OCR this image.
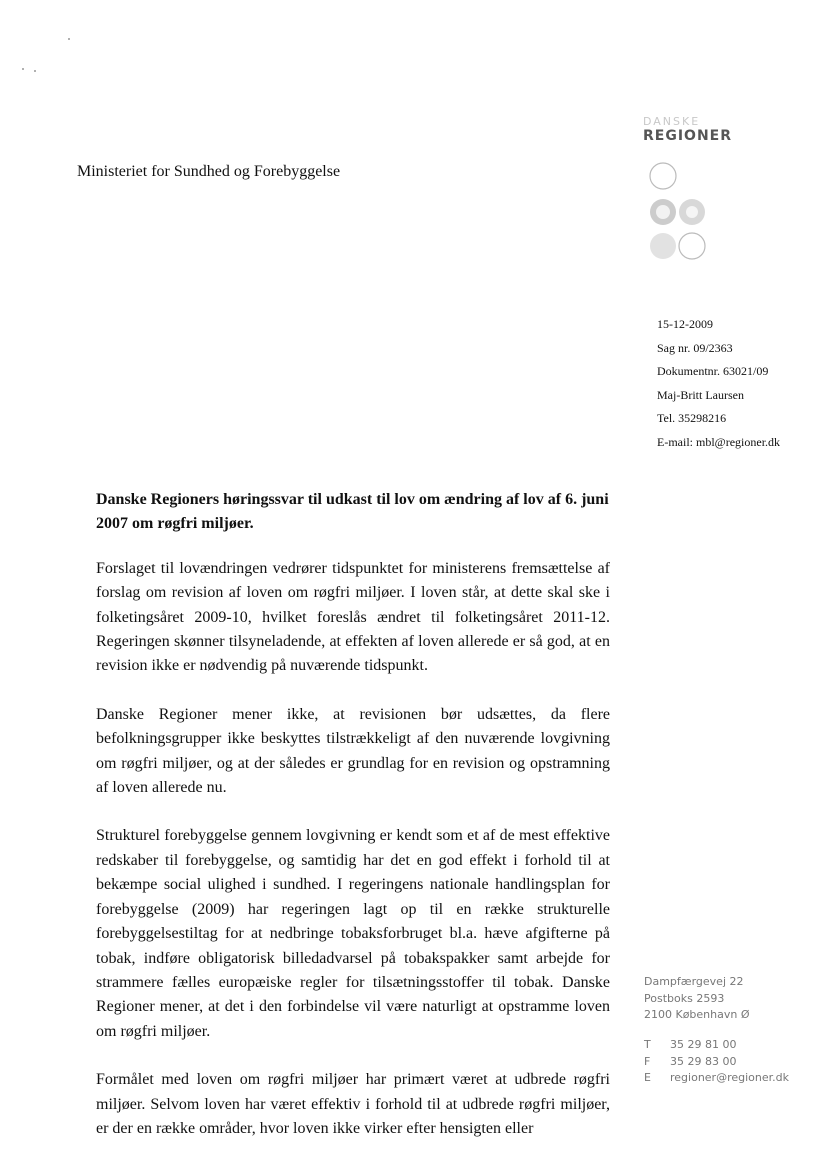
Ministeriet for Sundhed og Forebyggelse
DANSKE
REGIONER
15-12-2009
Sag nr. 09/2363
Dokumentnr. 63021/09
Maj-Britt Laursen
Tel. 35298216
E-mail: mbl@regioner.dk
Danske Regioners høringssvar til udkast til lov om ændring af lov af 6. juni 2007 om røgfri miljøer.

Forslaget til lovændringen vedrører tidspunktet for ministerens fremsættelse af forslag om revision af loven om røgfri miljøer. I loven står, at dette skal ske i folketingsåret 2009-10, hvilket foreslås ændret til folketingsåret 2011-12. Regeringen skønner tilsyneladende, at effekten af loven allerede er så god, at en revision ikke er nødvendig på nuværende tidspunkt.

Danske Regioner mener ikke, at revisionen bør udsættes, da flere befolkningsgrupper ikke beskyttes tilstrækkeligt af den nuværende lovgivning om røgfri miljøer, og at der således er grundlag for en revision og opstramning af loven allerede nu.

Strukturel forebyggelse gennem lovgivning er kendt som et af de mest effektive redskaber til forebyggelse, og samtidig har det en god effekt i forhold til at bekæmpe social ulighed i sundhed. I regeringens nationale handlingsplan for forebyggelse (2009) har regeringen lagt op til en række strukturelle forebyggelsestiltag for at nedbringe tobaksforbruget bl.a. hæve afgifterne på tobak, indføre obligatorisk billedadvarsel på tobakspakker samt arbejde for strammere fælles europæiske regler for tilsætningsstoffer til tobak. Danske Regioner mener, at det i den forbindelse vil være naturligt at opstramme loven om røgfri miljøer.

Formålet med loven om røgfri miljøer har primært været at udbrede røgfri miljøer. Selvom loven har været effektiv i forhold til at udbrede røgfri miljøer, er der en række områder, hvor loven ikke virker efter hensigten eller

Dampfærgevej 22
Postboks 2593
2100 København Ø
T	35 29 81 00
F	35 29 83 00
E	regioner@regioner.dk
